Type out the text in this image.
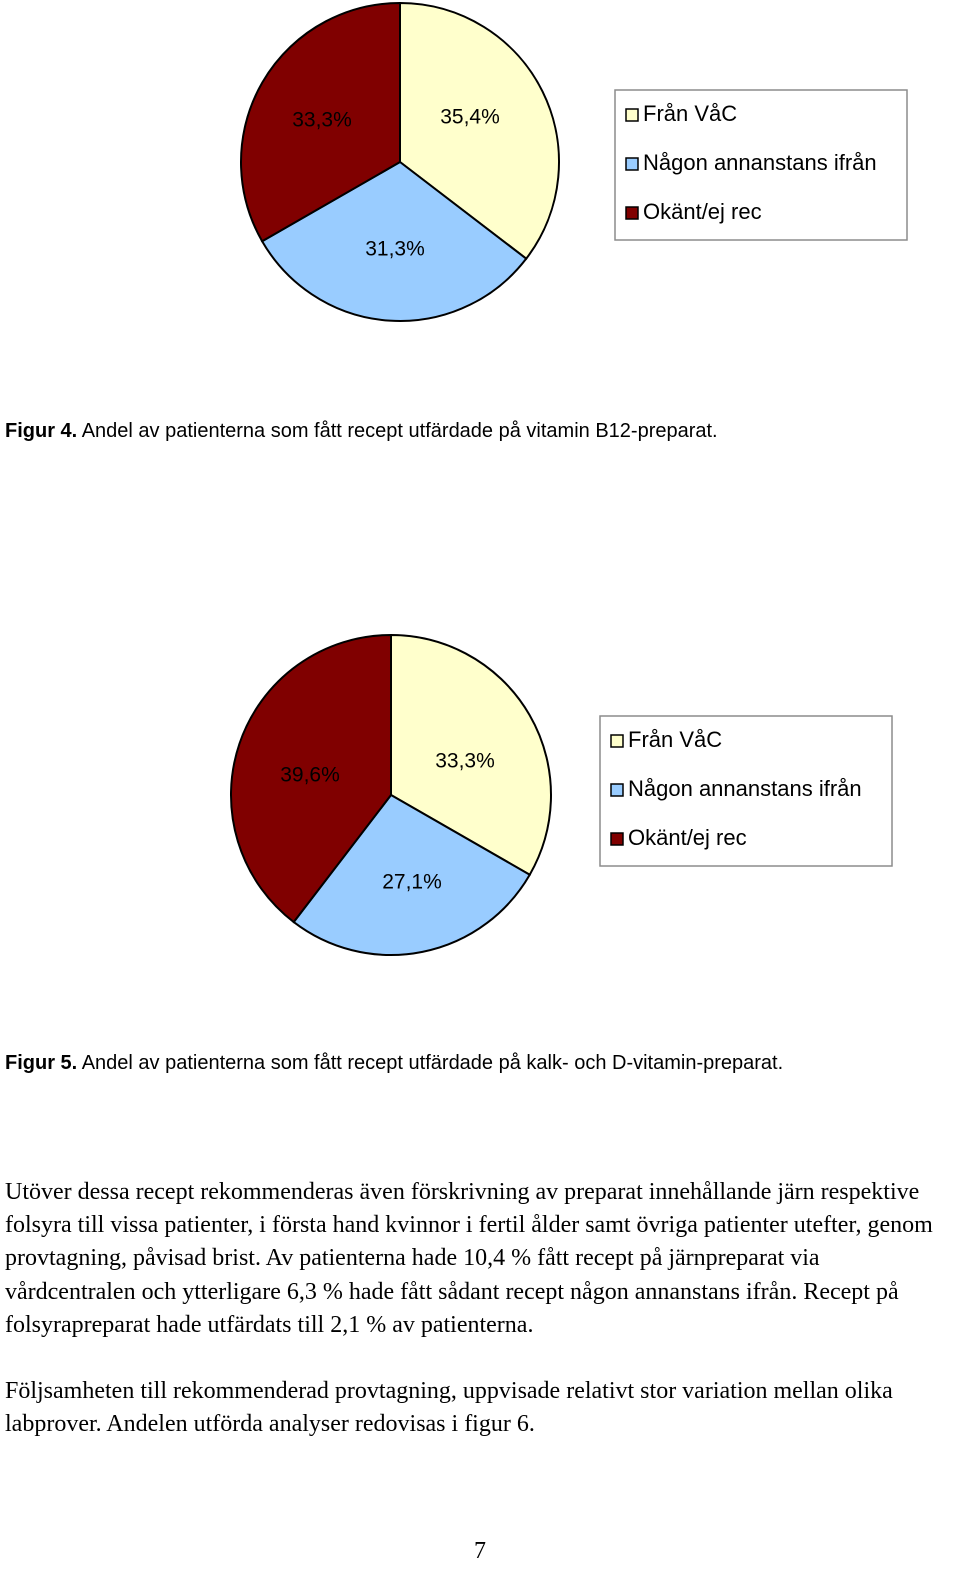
35,4%
31,3%
33,3%	Från VåC
Någon annanstans ifrån
Okänt/ej rec
Figur 4. Andel av patienterna som fått recept utfärdade på vitamin B12-preparat.
33,3%
27,1%
39,6%
Från VåC
Någon annanstans ifrån
Okänt/ej rec
Figur 5. Andel av patienterna som fått recept utfärdade på kalk- och D-vitamin-preparat.

Utöver dessa recept rekommenderas även förskrivning av preparat innehållande järn respektive folsyra till vissa patienter, i första hand kvinnor i fertil ålder samt övriga patienter utefter, genom provtagning, påvisad brist. Av patienterna hade 10,4 % fått recept på järnpreparat via vårdcentralen och ytterligare 6,3 % hade fått sådant recept någon annanstans ifrån. Recept på folsyrapreparat hade utfärdats till 2,1 % av patienterna.

Följsamheten till rekommenderad provtagning, uppvisade relativt stor variation mellan olika labprover. Andelen utförda analyser redovisas i figur 6.

7
